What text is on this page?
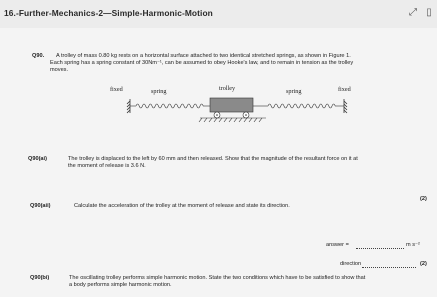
16.-Further-Mechanics-2—Simple-Harmonic-Motion	⤢ ▯
Q90. A trolley of mass 0.80 kg rests on a horizontal surface attached to two identical stretched springs, as shown in Figure 1.
Each spring has a spring constant of 30Nm⁻¹, can be assumed to obey Hooke's law, and to remain in tension as the trolley
moves.
fixed	spring	trolley	spring	fixed
Q90(ai)	The trolley is displaced to the left by 60 mm and then released. Show that the magnitude of the resultant force on it at
the moment of release is 3.6 N.
(2)
Q90(aii)	Calculate the acceleration of the trolley at the moment of release and state its direction.
answer =	m s⁻²
direction	(2)
Q90(bi)	The oscillating trolley performs simple harmonic motion. State the two conditions which have to be satisfied to show that
a body performs simple harmonic motion.
